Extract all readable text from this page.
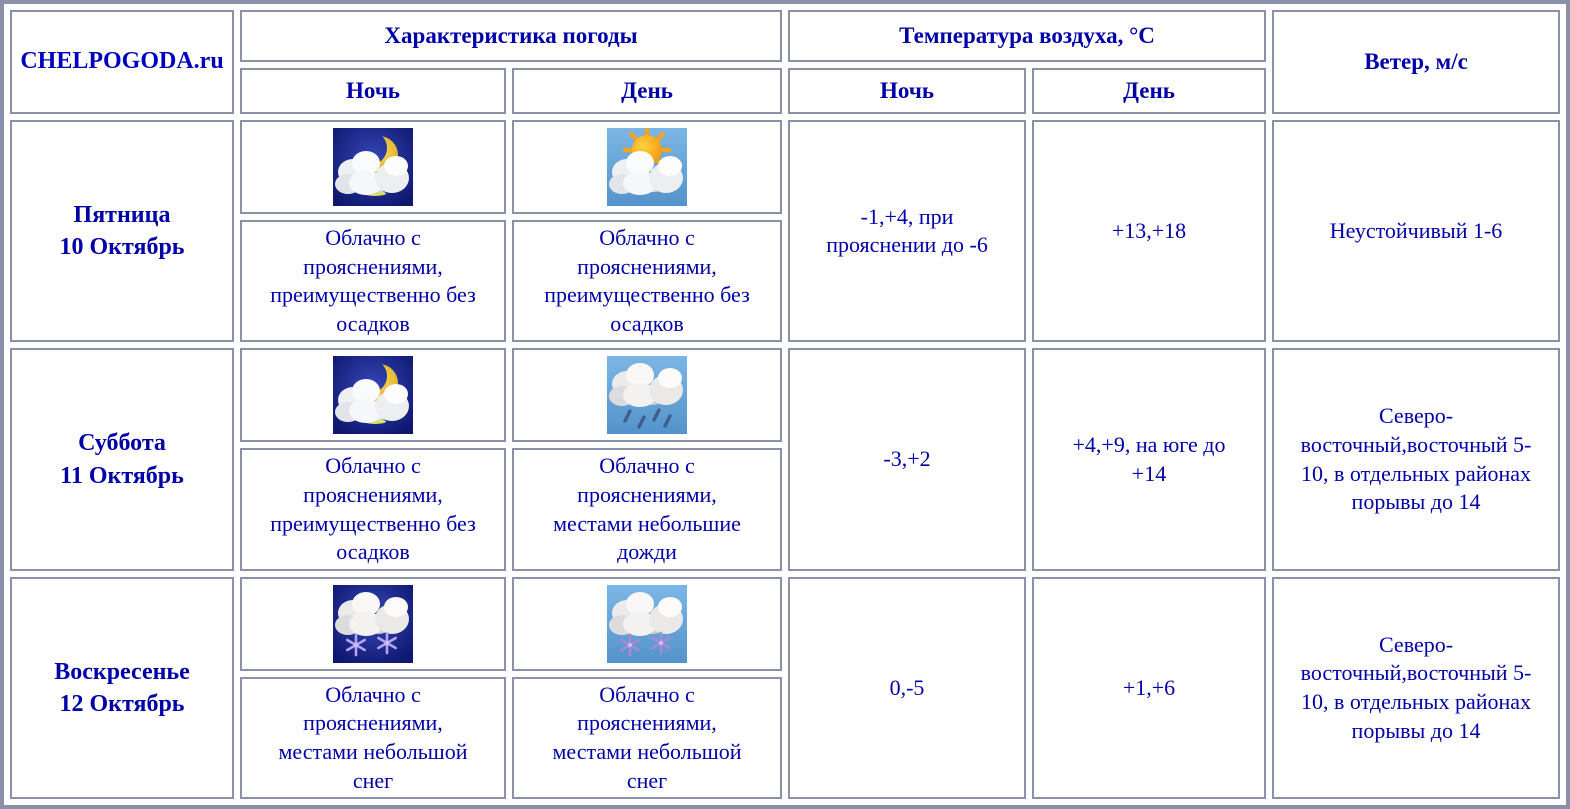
CHELPOGODA.ru	Характеристика погоды		Температура воздуха, °С		Ветер, м/с
	Ночь	День	Ночь	День	

Пятница
10 Октябрь			-1,+4, при прояснении до -6	+13,+18	Неустойчивый 1-6

	Облачно с прояснениями, преимущественно без осадков	Облачно с прояснениями, преимущественно без осадков			

Суббота
11 Октябрь			-3,+2	+4,+9, на юге до +14	Северо-восточный,восточный 5-10, в отдельных районах порывы до 14

	Облачно с прояснениями, преимущественно без осадков	Облачно с прояснениями, местами небольшие дожди			

Воскресенье
12 Октябрь			0,-5	+1,+6	Северо-восточный,восточный 5-10, в отдельных районах порывы до 14

	Облачно с прояснениями, местами небольшой снег	Облачно с прояснениями, местами небольшой снег			
